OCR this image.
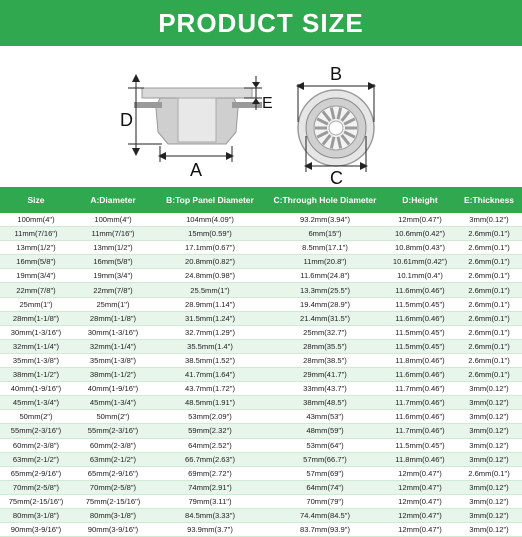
PRODUCT SIZE
D
E
A
B
C
Size	A:Diameter	B:Top Panel Diameter	C:Through Hole Diameter	D:Height	E:Thickness
100mm(4")	100mm(4")	104mm(4.09")	93.2mm(3.94")	12mm(0.47")	3mm(0.12")
11mm(7/16")	11mm(7/16")	15mm(0.59")	6mm(15")	10.6mm(0.42")	2.6mm(0.1")
13mm(1/2")	13mm(1/2")	17.1mm(0.67")	8.5mm(17.1")	10.8mm(0.43")	2.6mm(0.1")
16mm(5/8")	16mm(5/8")	20.8mm(0.82")	11mm(20.8")	10.61mm(0.42")	2.6mm(0.1")
19mm(3/4")	19mm(3/4")	24.8mm(0.98")	11.6mm(24.8")	10.1mm(0.4")	2.6mm(0.1")
22mm(7/8")	22mm(7/8")	25.5mm(1")	13.3mm(25.5")	11.6mm(0.46")	2.6mm(0.1")
25mm(1")	25mm(1")	28.9mm(1.14")	19.4mm(28.9")	11.5mm(0.45")	2.6mm(0.1")
28mm(1-1/8")	28mm(1-1/8")	31.5mm(1.24")	21.4mm(31.5")	11.6mm(0.46")	2.6mm(0.1")
30mm(1-3/16")	30mm(1-3/16")	32.7mm(1.29")	25mm(32.7")	11.5mm(0.45")	2.6mm(0.1")
32mm(1-1/4")	32mm(1-1/4")	35.5mm(1.4")	28mm(35.5")	11.5mm(0.45")	2.6mm(0.1")
35mm(1-3/8")	35mm(1-3/8")	38.5mm(1.52")	28mm(38.5")	11.8mm(0.46")	2.6mm(0.1")
38mm(1-1/2")	38mm(1-1/2")	41.7mm(1.64")	29mm(41.7")	11.6mm(0.46")	2.6mm(0.1")
40mm(1-9/16")	40mm(1-9/16")	43.7mm(1.72")	33mm(43.7")	11.7mm(0.46")	3mm(0.12")
45mm(1-3/4")	45mm(1-3/4")	48.5mm(1.91")	38mm(48.5")	11.7mm(0.46")	3mm(0.12")
50mm(2")	50mm(2")	53mm(2.09")	43mm(53")	11.6mm(0.46")	3mm(0.12")
55mm(2-3/16")	55mm(2-3/16")	59mm(2.32")	48mm(59")	11.7mm(0.46")	3mm(0.12")
60mm(2-3/8")	60mm(2-3/8")	64mm(2.52")	53mm(64")	11.5mm(0.45")	3mm(0.12")
63mm(2-1/2")	63mm(2-1/2")	66.7mm(2.63")	57mm(66.7")	11.8mm(0.46")	3mm(0.12")
65mm(2-9/16")	65mm(2-9/16")	69mm(2.72")	57mm(69")	12mm(0.47")	2.6mm(0.1")
70mm(2-5/8")	70mm(2-5/8")	74mm(2.91")	64mm(74")	12mm(0.47")	3mm(0.12")
75mm(2-15/16")	75mm(2-15/16")	79mm(3.11")	70mm(79")	12mm(0.47")	3mm(0.12")
80mm(3-1/8")	80mm(3-1/8")	84.5mm(3.33")	74.4mm(84.5")	12mm(0.47")	3mm(0.12")
90mm(3-9/16")	90mm(3-9/16")	93.9mm(3.7")	83.7mm(93.9")	12mm(0.47")	3mm(0.12")
